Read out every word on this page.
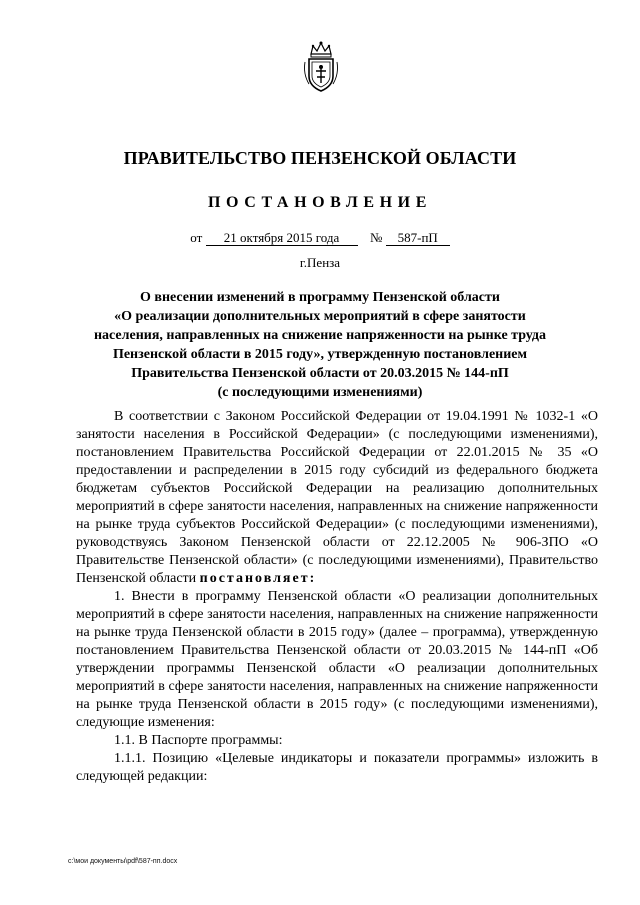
ПРАВИТЕЛЬСТВО ПЕНЗЕНСКОЙ ОБЛАСТИ
ПОСТАНОВЛЕНИЕ
от 21 октября 2015 года № 587-пП
г.Пенза
О внесении изменений в программу Пензенской области
«О реализации дополнительных мероприятий в сфере занятости
населения, направленных на снижение напряженности на рынке труда
Пензенской области в 2015 году», утвержденную постановлением
Правительства Пензенской области от 20.03.2015 № 144-пП
(с последующими изменениями)

В соответствии с Законом Российской Федерации от 19.04.1991 № 1032-1 «О занятости населения в Российской Федерации» (с последующими изменениями), постановлением Правительства Российской Федерации от 22.01.2015 № 35 «О предоставлении и распределении в 2015 году субсидий из федерального бюджета бюджетам субъектов Российской Федерации на реализацию дополнительных мероприятий в сфере занятости населения, направленных на снижение напряженности на рынке труда субъектов Российской Федерации» (с последующими изменениями), руководствуясь Законом Пензенской области от 22.12.2005 № 906-ЗПО «О Правительстве Пензенской области» (с последующими изменениями), Правительство Пензенской области постановляет:

1. Внести в программу Пензенской области «О реализации дополнительных мероприятий в сфере занятости населения, направленных на снижение напряженности на рынке труда Пензенской области в 2015 году» (далее – программа), утвержденную постановлением Правительства Пензенской области от 20.03.2015 № 144-пП «Об утверждении программы Пензенской области «О реализации дополнительных мероприятий в сфере занятости населения, направленных на снижение напряженности на рынке труда Пензенской области в 2015 году» (с последующими изменениями), следующие изменения:

1.1. В Паспорте программы:

1.1.1. Позицию «Целевые индикаторы и показатели программы» изложить в следующей редакции:

c:\мои документы\pdf\587-пп.docx
